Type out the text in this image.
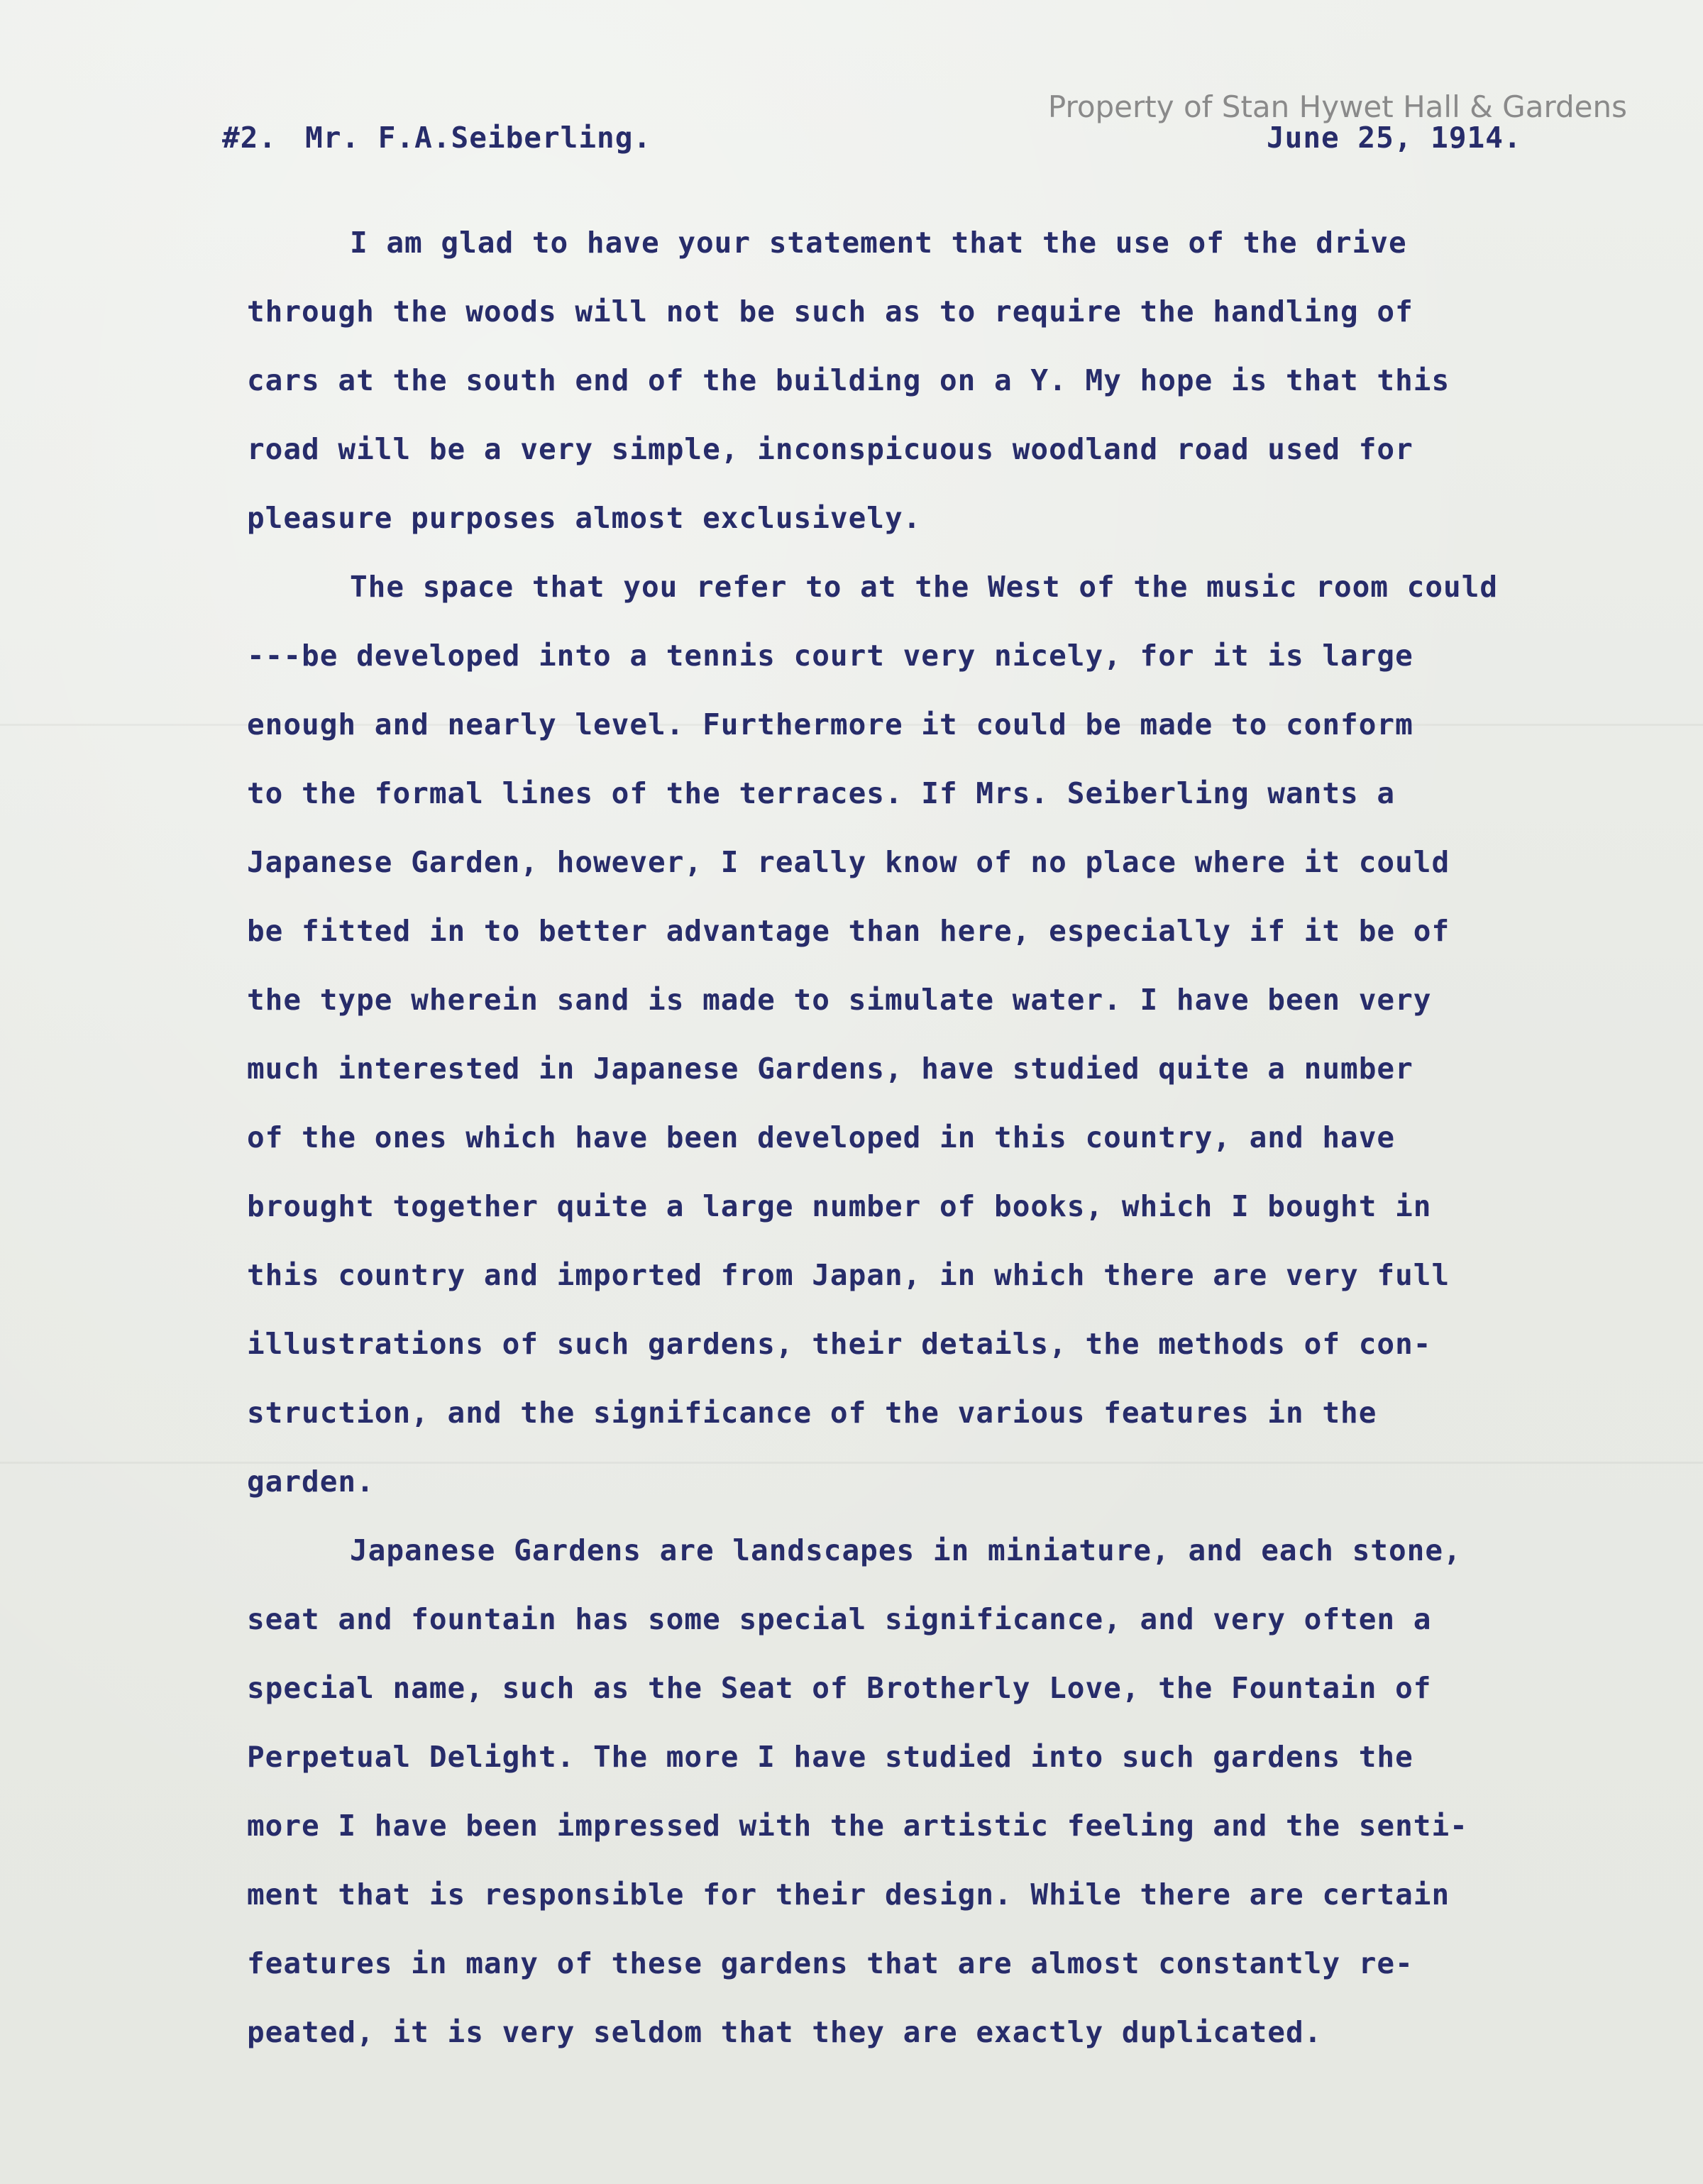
Property of Stan Hywet Hall & Gardens
#2. Mr. F.A.Seiberling.	June 25, 1914.
I am glad to have your statement that the use of the drive
through the woods will not be such as to require the handling of
cars at the south end of the building on a Y. My hope is that this
road will be a very simple, inconspicuous woodland road used for
pleasure purposes almost exclusively.
The space that you refer to at the West of the music room could
---be developed into a tennis court very nicely, for it is large
enough and nearly level. Furthermore it could be made to conform
to the formal lines of the terraces. If Mrs. Seiberling wants a
Japanese Garden, however, I really know of no place where it could
be fitted in to better advantage than here, especially if it be of
the type wherein sand is made to simulate water. I have been very
much interested in Japanese Gardens, have studied quite a number
of the ones which have been developed in this country, and have
brought together quite a large number of books, which I bought in
this country and imported from Japan, in which there are very full
illustrations of such gardens, their details, the methods of con-
struction, and the significance of the various features in the
garden.
Japanese Gardens are landscapes in miniature, and each stone,
seat and fountain has some special significance, and very often a
special name, such as the Seat of Brotherly Love, the Fountain of
Perpetual Delight. The more I have studied into such gardens the
more I have been impressed with the artistic feeling and the senti-
ment that is responsible for their design. While there are certain
features in many of these gardens that are almost constantly re-
peated, it is very seldom that they are exactly duplicated.
